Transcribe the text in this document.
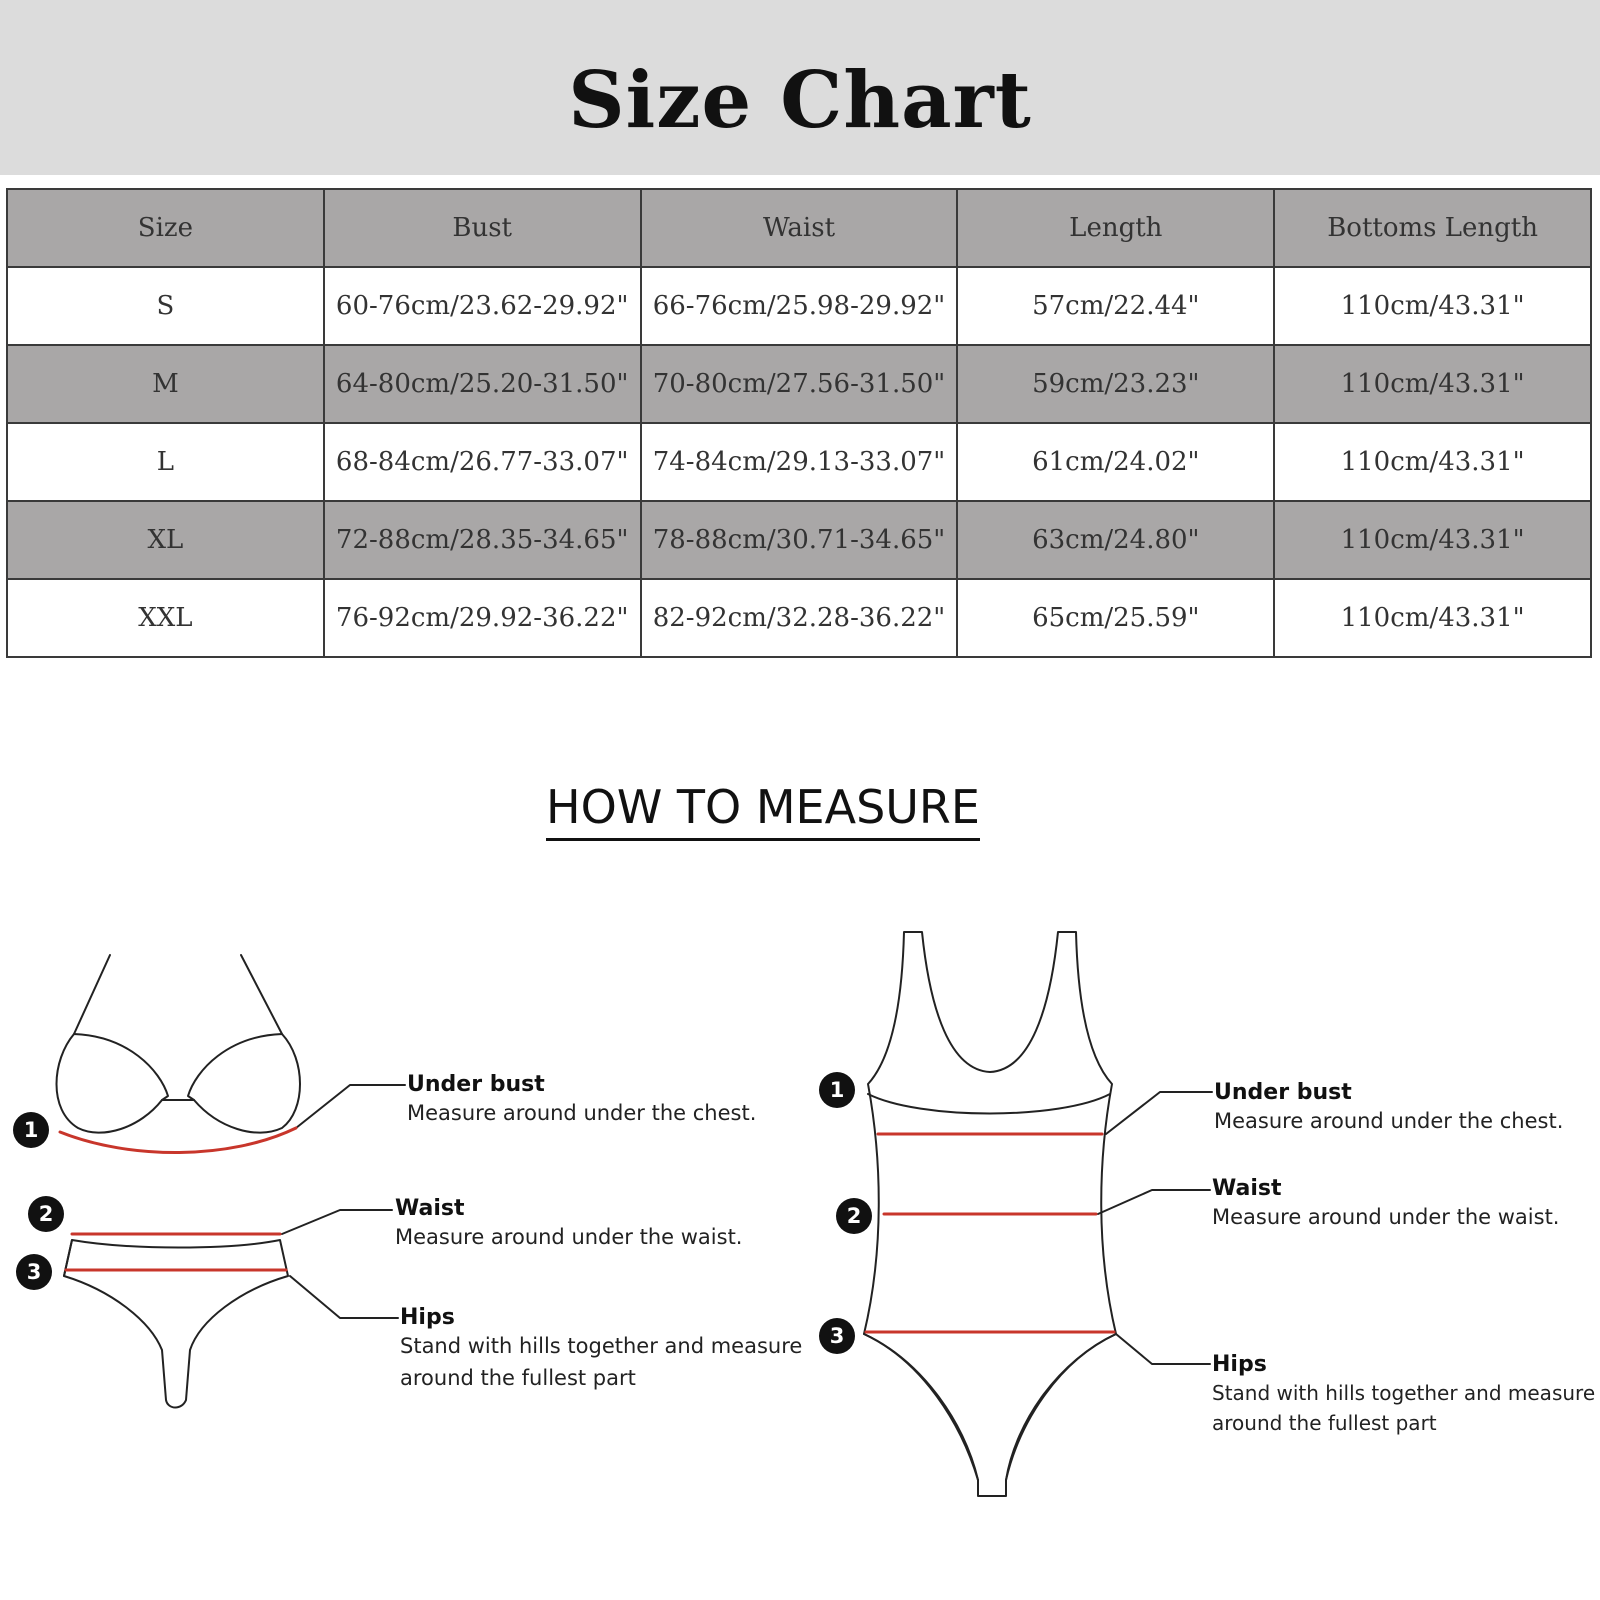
Size Chart
Size	Bust	Waist	Length	Bottoms Length
S	60-76cm/23.62-29.92"	66-76cm/25.98-29.92"	57cm/22.44"	110cm/43.31"
M	64-80cm/25.20-31.50"	70-80cm/27.56-31.50"	59cm/23.23"	110cm/43.31"
L	68-84cm/26.77-33.07"	74-84cm/29.13-33.07"	61cm/24.02"	110cm/43.31"
XL	72-88cm/28.35-34.65"	78-88cm/30.71-34.65"	63cm/24.80"	110cm/43.31"
XXL	76-92cm/29.92-36.22"	82-92cm/32.28-36.22"	65cm/25.59"	110cm/43.31"
HOW TO MEASURE
1
2
3
1
2
3
Under bust
Measure around under the chest.
Waist
Measure around under the waist.
Hips
Stand with hills together and measure
around the fullest part
Under bust
Measure around under the chest.
Waist
Measure around under the waist.
Hips
Stand with hills together and measure
around the fullest part
